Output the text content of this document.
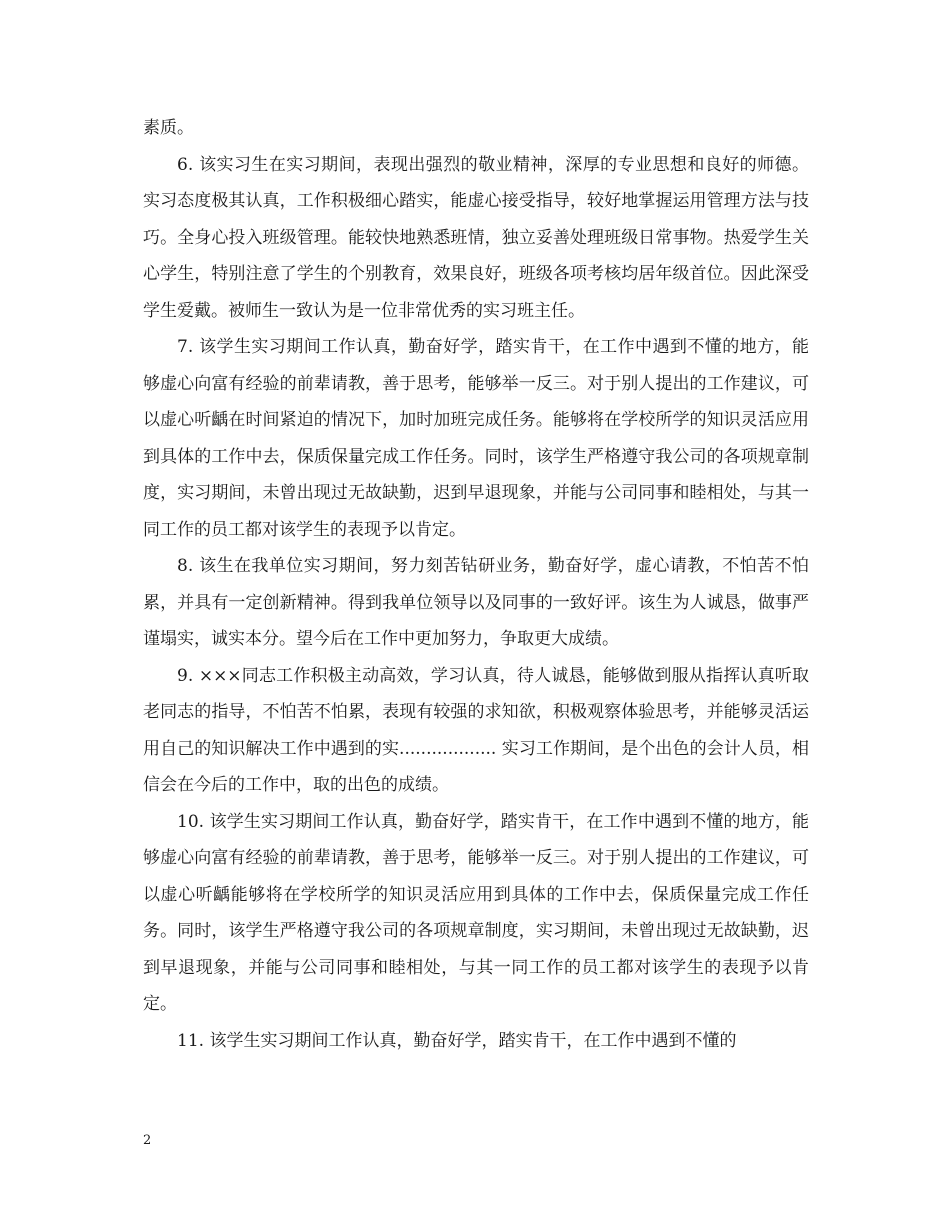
素质。

6. 该实习生在实习期间，表现出强烈的敬业精神，深厚的专业思想和良好的师德。实习态度极其认真，工作积极细心踏实，能虚心接受指导，较好地掌握运用管理方法与技巧。全身心投入班级管理。能较快地熟悉班情，独立妥善处理班级日常事物。热爱学生关心学生，特别注意了学生的个别教育，效果良好，班级各项考核均居年级首位。因此深受学生爱戴。被师生一致认为是一位非常优秀的实习班主任。

7. 该学生实习期间工作认真，勤奋好学，踏实肯干，在工作中遇到不懂的地方，能够虚心向富有经验的前辈请教，善于思考，能够举一反三。对于别人提出的工作建议，可以虚心听齲在时间紧迫的情况下，加时加班完成任务。能够将在学校所学的知识灵活应用到具体的工作中去，保质保量完成工作任务。同时，该学生严格遵守我公司的各项规章制度，实习期间，未曾出现过无故缺勤，迟到早退现象，并能与公司同事和睦相处，与其一同工作的员工都对该学生的表现予以肯定。

8. 该生在我单位实习期间，努力刻苦钻研业务，勤奋好学，虚心请教，不怕苦不怕累，并具有一定创新精神。得到我单位领导以及同事的一致好评。该生为人诚恳，做事严谨塌实，诚实本分。望今后在工作中更加努力，争取更大成绩。

9. ×××同志工作积极主动高效，学习认真，待人诚恳，能够做到服从指挥认真听取老同志的指导，不怕苦不怕累，表现有较强的求知欲，积极观察体验思考，并能够灵活运用自己的知识解决工作中遇到的实.................. 实习工作期间，是个出色的会计人员，相信会在今后的工作中，取的出色的成绩。

10. 该学生实习期间工作认真，勤奋好学，踏实肯干，在工作中遇到不懂的地方，能够虚心向富有经验的前辈请教，善于思考，能够举一反三。对于别人提出的工作建议，可以虚心听齲能够将在学校所学的知识灵活应用到具体的工作中去，保质保量完成工作任务。同时，该学生严格遵守我公司的各项规章制度，实习期间，未曾出现过无故缺勤，迟到早退现象，并能与公司同事和睦相处，与其一同工作的员工都对该学生的表现予以肯定。

11. 该学生实习期间工作认真，勤奋好学，踏实肯干，在工作中遇到不懂的

2
